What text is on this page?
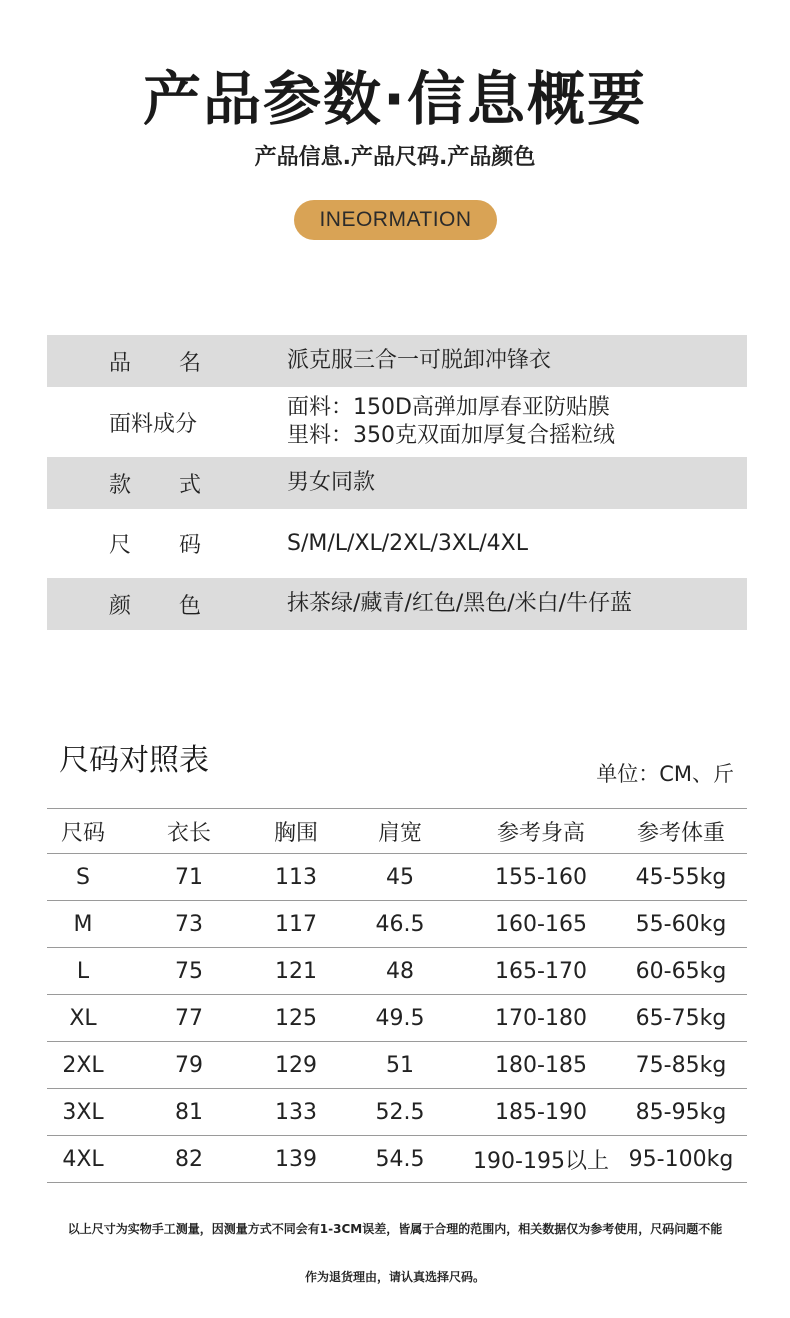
产品参数·信息概要
产品信息.产品尺码.产品颜色
INEORMATION
品	名	派克服三合一可脱卸冲锋衣
面料成分
面料：150D高弹加厚春亚防贴膜
里料：350克双面加厚复合摇粒绒
款	式	男女同款
尺	码	S/M/L/XL/2XL/3XL/4XL
颜	色	抹茶绿/藏青/红色/黑色/米白/牛仔蓝
尺码对照表	单位：CM、斤
尺码	衣长	胸围	肩宽	参考身高	参考体重
S	71	113	45	155-160	45-55kg
M	73	117	46.5	160-165	55-60kg
L	75	121	48	165-170	60-65kg
XL	77	125	49.5	170-180	65-75kg
2XL	79	129	51	180-185	75-85kg
3XL	81	133	52.5	185-190	85-95kg
4XL	82	139	54.5	190-195以上	95-100kg
以上尺寸为实物手工测量，因测量方式不同会有1-3CM误差，皆属于合理的范围内，相关数据仅为参考使用，尺码问题不能
作为退货理由，请认真选择尺码。
